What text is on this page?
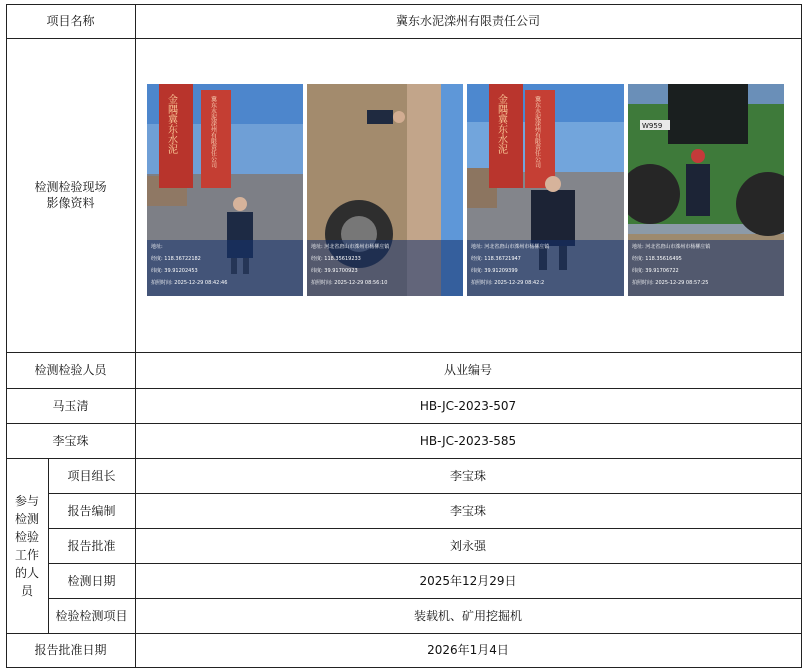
项目名称	冀东水泥滦州有限责任公司
检测检验现场
影像资料
检测检验人员	从业编号
马玉清	HB-JC-2023-507
李宝珠	HB-JC-2023-585
参与检测检验工作的人员
项目组长	李宝珠
报告编制	李宝珠
报告批准	刘永强
检测日期	2025年12月29日
检验检测项目	装载机、矿用挖掘机
报告批准日期	2026年1月4日
金隅冀东水泥	冀东水泥滦州有限责任公司
地址:
经度: 118.36722182
纬度: 39.91202453
拍照时间: 2025-12-29 08:42:46
地址: 河北省唐山市滦州市杨柳庄镇
经度: 118.35619233
纬度: 39.91700923
拍照时间: 2025-12-29 08:56:10
金隅冀东水泥	冀东水泥滦州有限责任公司
地址: 河北省唐山市滦州市杨柳庄镇
经度: 118.36721947
纬度: 39.91209399
拍照时间: 2025-12-29 08:42:2
W959
地址: 河北省唐山市滦州市杨柳庄镇
经度: 118.35616495
纬度: 39.91706722
拍照时间: 2025-12-29 08:57:25
